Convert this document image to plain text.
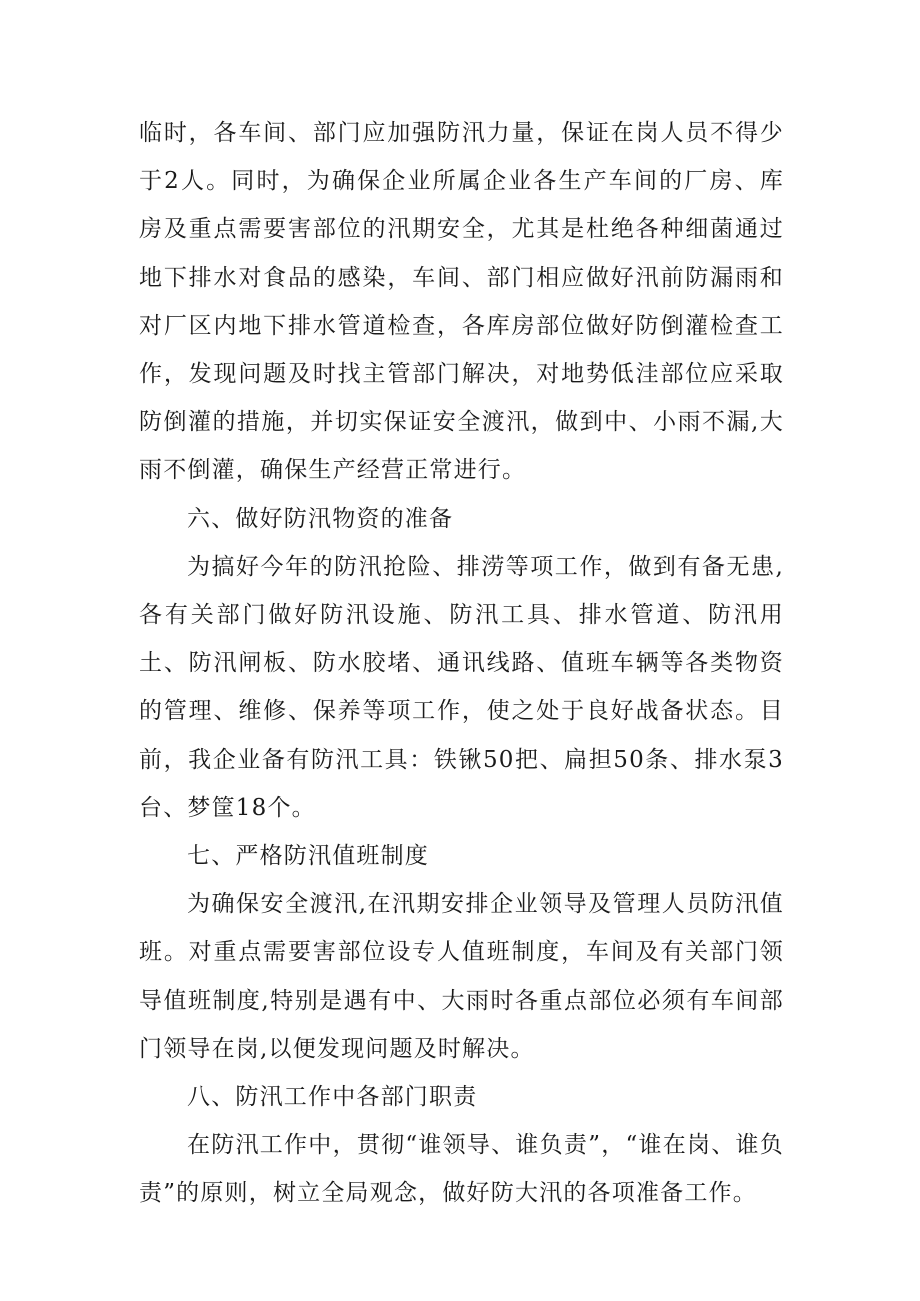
临时，各车间、部门应加强防汛力量，保证在岗人员不得少于2人。同时，为确保企业所属企业各生产车间的厂房、库房及重点需要害部位的汛期安全，尤其是杜绝各种细菌通过地下排水对食品的感染，车间、部门相应做好汛前防漏雨和对厂区内地下排水管道检查，各库房部位做好防倒灌检查工作，发现问题及时找主管部门解决，对地势低洼部位应采取防倒灌的措施，并切实保证安全渡汛，做到中、小雨不漏,大雨不倒灌，确保生产经营正常进行。

六、做好防汛物资的准备

为搞好今年的防汛抢险、排涝等项工作，做到有备无患,各有关部门做好防汛设施、防汛工具、排水管道、防汛用土、防汛闸板、防水胶堵、通讯线路、值班车辆等各类物资的管理、维修、保养等项工作，使之处于良好战备状态。目前，我企业备有防汛工具：铁锹50把、扁担50条、排水泵3台、梦筐18个。

七、严格防汛值班制度

为确保安全渡汛,在汛期安排企业领导及管理人员防汛值班。对重点需要害部位设专人值班制度，车间及有关部门领导值班制度,特别是遇有中、大雨时各重点部位必须有车间部门领导在岗,以便发现问题及时解决。

八、防汛工作中各部门职责

在防汛工作中，贯彻“谁领导、谁负责”，“谁在岗、谁负责”的原则，树立全局观念，做好防大汛的各项准备工作。
